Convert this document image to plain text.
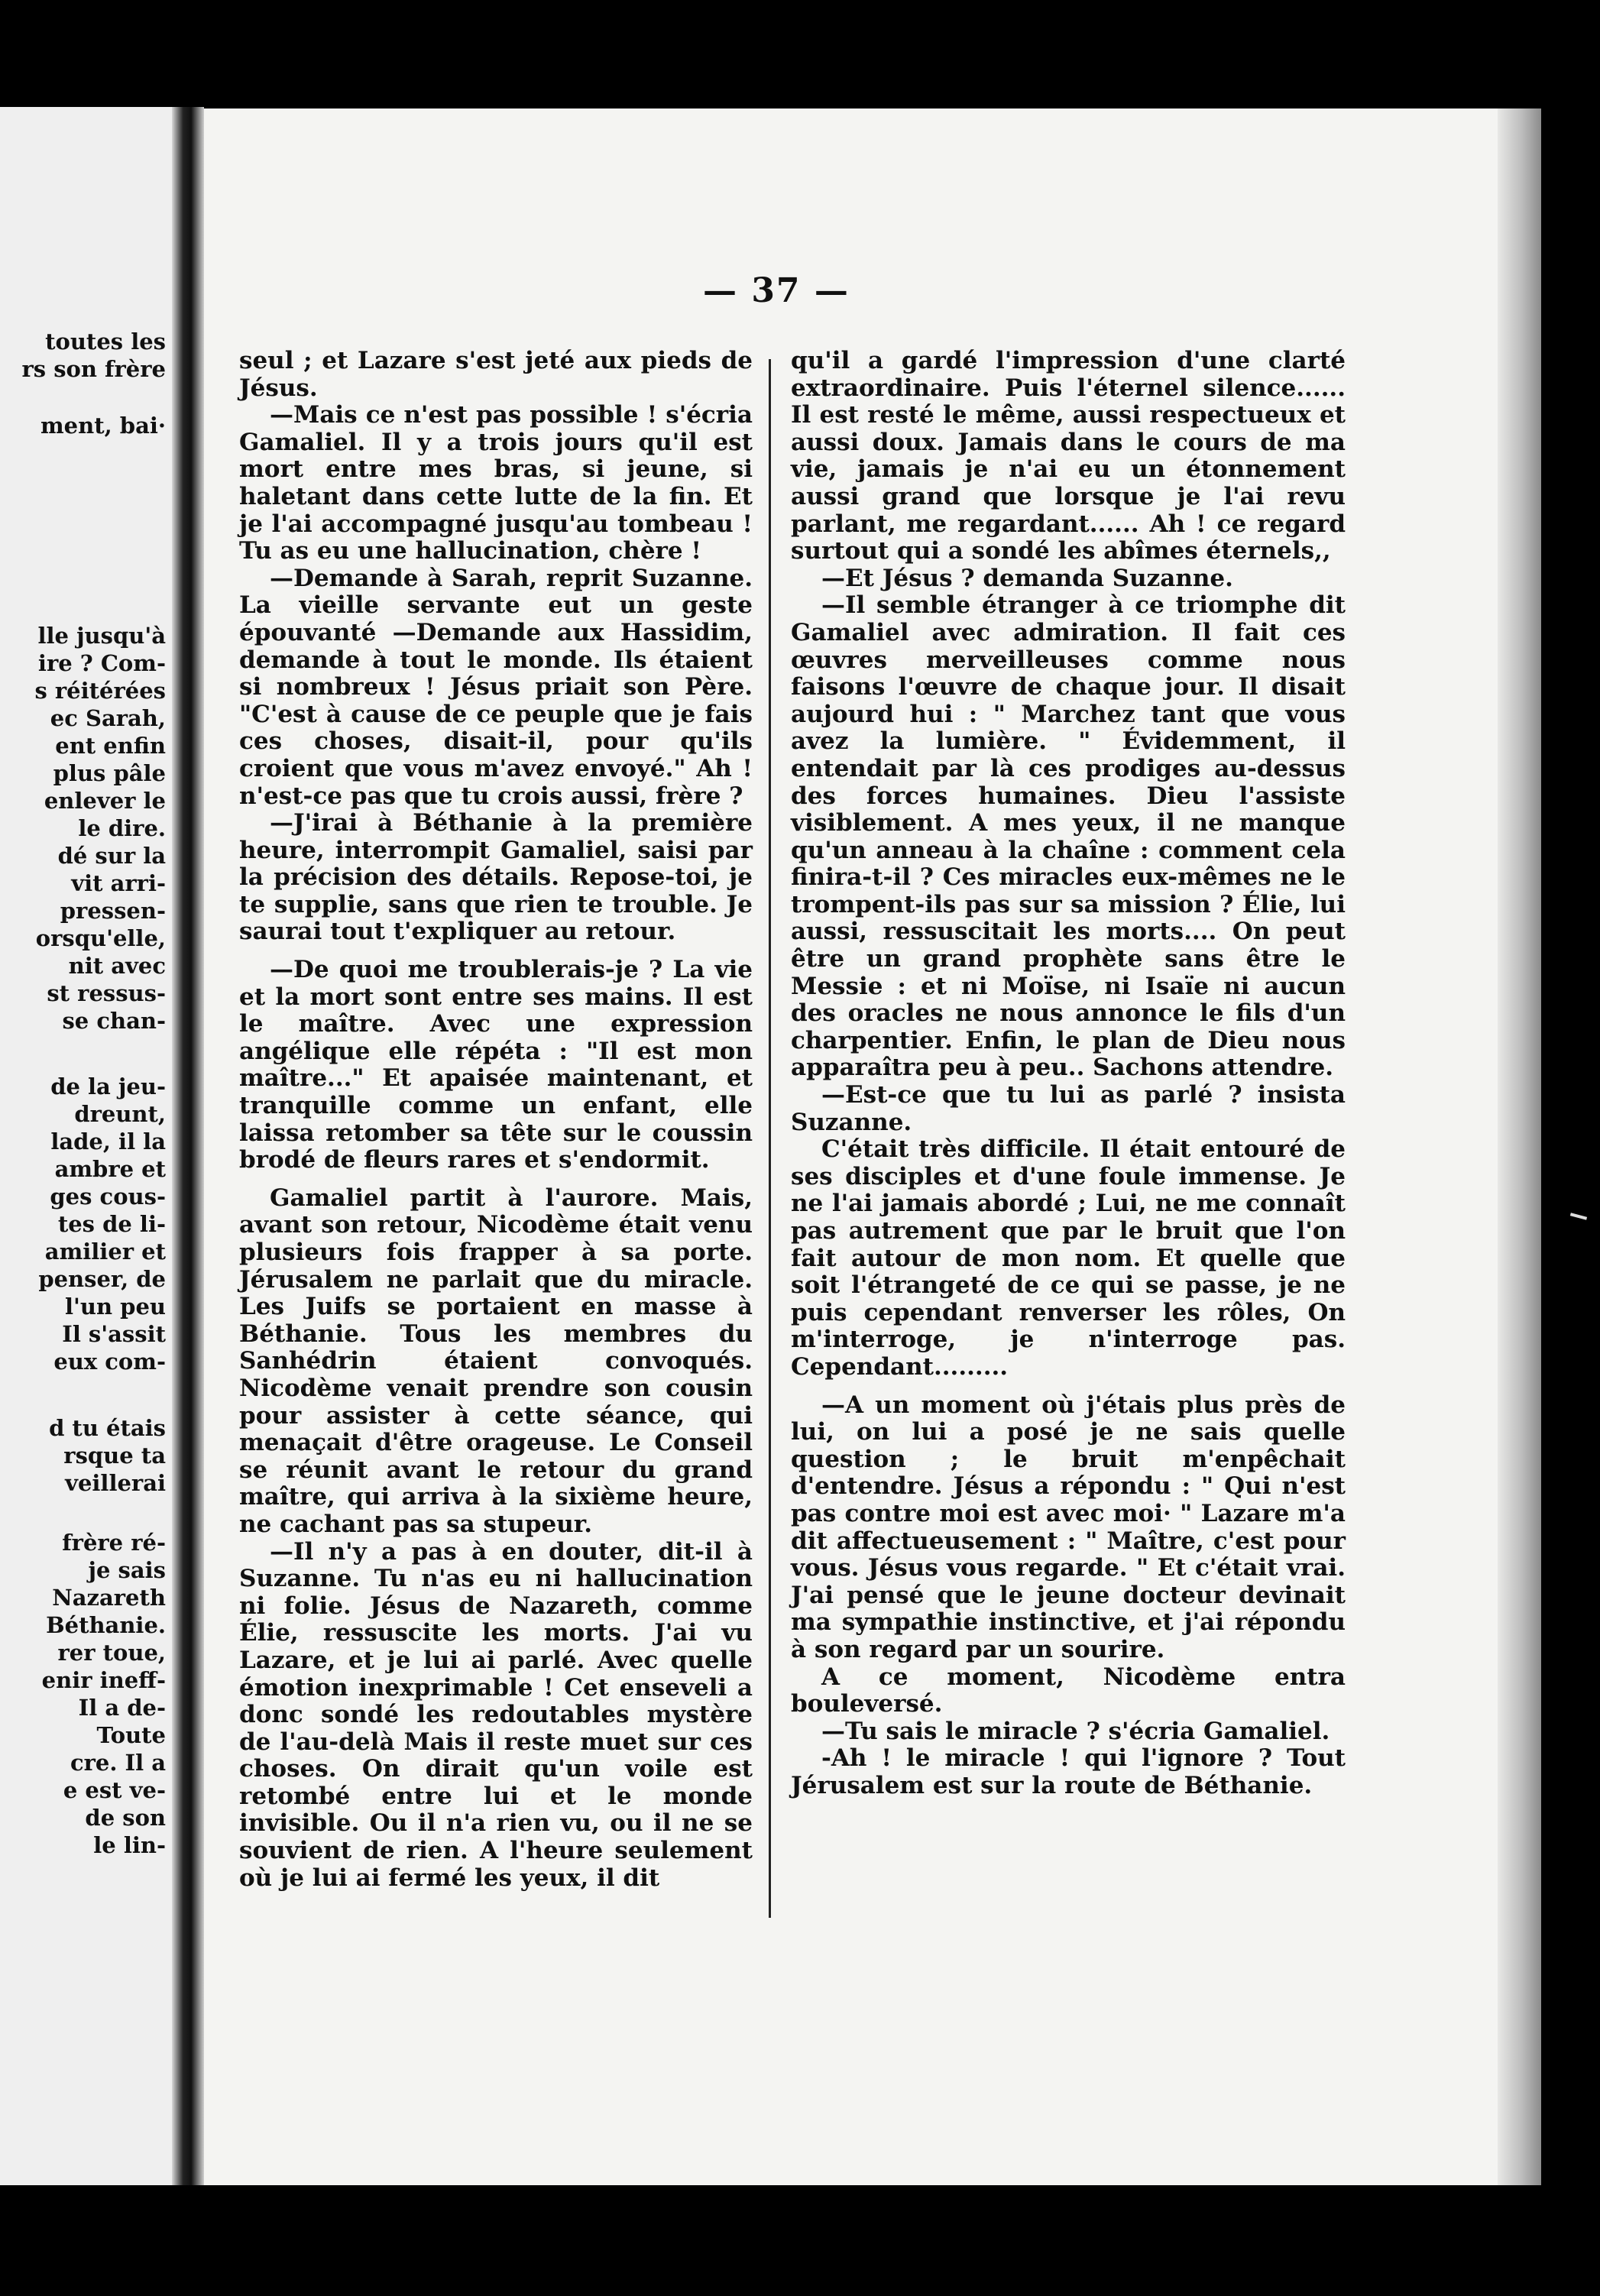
toutes les
rs son frère
ment, bai·
lle jusqu'à
ire ? Com-
s réitérées
ec Sarah,
ent enfin
plus pâle
enlever le
le dire.
dé sur la
vit arri-
pressen-
orsqu'elle,
nit avec
st ressus-
se chan-
de la jeu-
dreunt,
lade, il la
ambre et
ges cous-
tes de li-
amilier et
penser, de
l'un peu
Il s'assit
eux com-
d tu étais
rsque ta
veillerai
frère ré-
je sais
Nazareth
Béthanie.
rer toue,
enir ineff-
Il a de-
Toute
cre. Il a
e est ve-
de son
le lin-
— 37 —

seul ; et Lazare s'est jeté aux pieds de Jésus.

—Mais ce n'est pas possible ! s'écria Gamaliel. Il y a trois jours qu'il est mort entre mes bras, si jeune, si haletant dans cette lutte de la fin. Et je l'ai accompagné jusqu'au tombeau ! Tu as eu une hallucination, chère !

—Demande à Sarah, reprit Suzanne. La vieille servante eut un geste épouvanté —Demande aux Hassidim, demande à tout le monde. Ils étaient si nombreux ! Jésus priait son Père. "C'est à cause de ce peuple que je fais ces choses, disait-il, pour qu'ils croient que vous m'avez envoyé." Ah ! n'est-ce pas que tu crois aussi, frère ?

—J'irai à Béthanie à la première heure, interrompit Gamaliel, saisi par la précision des détails. Repose-toi, je te supplie, sans que rien te trouble. Je saurai tout t'expliquer au retour.

—De quoi me troublerais-je ? La vie et la mort sont entre ses mains. Il est le maître. Avec une expression angélique elle répéta : "Il est mon maître..." Et apaisée maintenant, et tranquille comme un enfant, elle laissa retomber sa tête sur le coussin brodé de fleurs rares et s'endormit.

Gamaliel partit à l'aurore. Mais, avant son retour, Nicodème était venu plusieurs fois frapper à sa porte. Jérusalem ne parlait que du miracle. Les Juifs se portaient en masse à Béthanie. Tous les membres du Sanhédrin étaient convoqués. Nicodème venait prendre son cousin pour assister à cette séance, qui menaçait d'être orageuse. Le Conseil se réunit avant le retour du grand maître, qui arriva à la sixième heure, ne cachant pas sa stupeur.

—Il n'y a pas à en douter, dit-il à Suzanne. Tu n'as eu ni hallucination ni folie. Jésus de Nazareth, comme Élie, ressuscite les morts. J'ai vu Lazare, et je lui ai parlé. Avec quelle émotion inexprimable ! Cet enseveli a donc sondé les redoutables mystère de l'au-delà Mais il reste muet sur ces choses. On dirait qu'un voile est retombé entre lui et le monde invisible. Ou il n'a rien vu, ou il ne se souvient de rien. A l'heure seulement où je lui ai fermé les yeux, il dit

qu'il a gardé l'impression d'une clarté extraordinaire. Puis l'éternel silence...... Il est resté le même, aussi respectueux et aussi doux. Jamais dans le cours de ma vie, jamais je n'ai eu un étonnement aussi grand que lorsque je l'ai revu parlant, me regardant...... Ah ! ce regard surtout qui a sondé les abîmes éternels,,

—Et Jésus ? demanda Suzanne.

—Il semble étranger à ce triomphe dit Gamaliel avec admiration. Il fait ces œuvres merveilleuses comme nous faisons l'œuvre de chaque jour. Il disait aujourd hui : " Marchez tant que vous avez la lumière. " Évidemment, il entendait par là ces prodiges au-dessus des forces humaines. Dieu l'assiste visiblement. A mes yeux, il ne manque qu'un anneau à la chaîne : comment cela finira-t-il ? Ces miracles eux-mêmes ne le trompent-ils pas sur sa mission ? Élie, lui aussi, ressuscitait les morts.... On peut être un grand prophète sans être le Messie : et ni Moïse, ni Isaïe ni aucun des oracles ne nous annonce le fils d'un charpentier. Enfin, le plan de Dieu nous apparaîtra peu à peu.. Sachons attendre.

—Est-ce que tu lui as parlé ? insista Suzanne.

C'était très difficile. Il était entouré de ses disciples et d'une foule immense. Je ne l'ai jamais abordé ; Lui, ne me connaît pas autrement que par le bruit que l'on fait autour de mon nom. Et quelle que soit l'étrangeté de ce qui se passe, je ne puis cependant renverser les rôles, On m'interroge, je n'interroge pas. Cependant.........

—A un moment où j'étais plus près de lui, on lui a posé je ne sais quelle question ; le bruit m'enpêchait d'entendre. Jésus a répondu : " Qui n'est pas contre moi est avec moi· " Lazare m'a dit affectueusement : " Maître, c'est pour vous. Jésus vous regarde. " Et c'était vrai. J'ai pensé que le jeune docteur devinait ma sympathie instinctive, et j'ai répondu à son regard par un sourire.

A ce moment, Nicodème entra bouleversé.

—Tu sais le miracle ? s'écria Gamaliel.

-Ah ! le miracle ! qui l'ignore ? Tout Jérusalem est sur la route de Béthanie.
